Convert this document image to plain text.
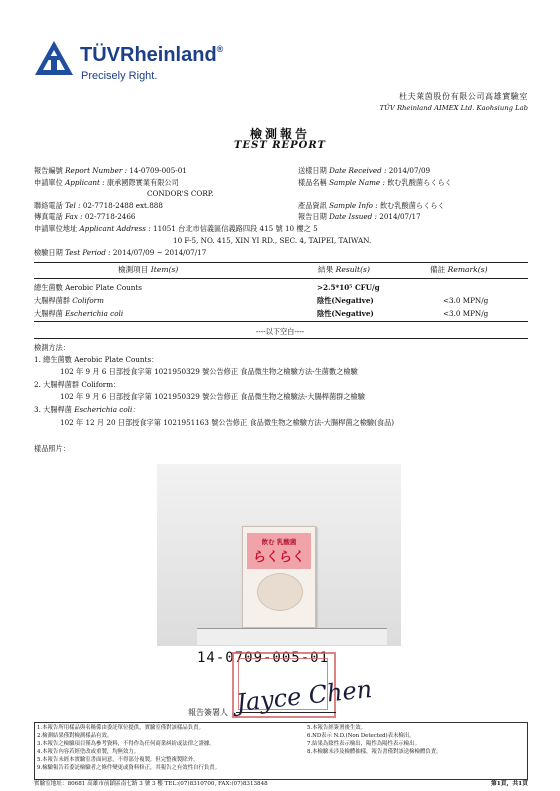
TÜVRheinland®
Precisely Right.
杜夫萊茵股份有限公司高雄實驗室
TÜV Rheinland AIMEX Ltd. Kaohsiung Lab
檢測報告
TEST REPORT
報告編號 Report Number : 14-0709-005-01
申請單位 Applicant : 康承國際實業有限公司
CONDOR'S CORP.
聯絡電話 Tel : 02-7718-2488 ext.888
傳真電話 Fax : 02-7718-2466
申請單位地址 Applicant Address : 11051 台北市信義區信義路四段 415 號 10 樓之 5
10 F-5, NO. 415, XIN YI RD., SEC. 4, TAIPEI, TAIWAN.
檢驗日期 Test Period : 2014/07/09 ~ 2014/07/17
送樣日期 Date Received : 2014/07/09
樣品名稱 Sample Name : 飲む乳酸菌らくらく
產品資訊 Sample Info : 飲む乳酸菌らくらく
報告日期 Date Issued : 2014/07/17
檢測項目 Item(s)	結果 Result(s)	備註 Remark(s)
總生菌數 Aerobic Plate Counts	>2.5*10⁵ CFU/g
大腸桿菌群 Coliform	陰性(Negative)	<3.0 MPN/g
大腸桿菌 Escherichia coli	陰性(Negative)	<3.0 MPN/g
----以下空白----
檢測方法：
1. 總生菌數 Aerobic Plate Counts：
102 年 9 月 6 日部授食字第 1021950329 號公告修正 食品微生物之檢驗方法-生菌數之檢驗
2. 大腸桿菌群 Coliform：
102 年 9 月 6 日部授食字第 1021950329 號公告修正 食品微生物之檢驗法-大腸桿菌群之檢驗
3. 大腸桿菌 Escherichia coli：
102 年 12 月 20 日部授食字第 1021951163 號公告修正 食品微生物之檢驗方法-大腸桿菌之檢驗(食品)
樣品照片：
飲む 乳酸菌
らくらく
14-0709-005-01
報告簽署人 Jayce Chen
1.本報告所用樣品與名稱係由委託單位提供，實驗室僅對該樣品負責。
2.檢測結果僅對檢測樣品有效。
3.本報告之檢驗項目僅為參考資料，不得作為任何商業糾紛或法律之證據。
4.本報告內容若經塗改或重製，均無效力。
5.本報告未經本實驗室書面同意，不得部分複製，但完整複製除外。
9.檢驗報告若委託檢驗者之條件變更或資料修正，其報告之有效性自行負責。
5.本報告經簽署後生效。
6.ND表示 N.D.(Non Detected)表未檢出。
7.結果為陰性表示檢出，陽性為陽性表示檢出。
8.本檢驗未涉及檢體抽樣，報告書僅對該送檢檢體負責。
實驗室地址：80681 高雄市前鎮區南七路 3 號 3 樓 TEL:(07)8310700, FAX:(07)8313848	第1頁，共1頁
